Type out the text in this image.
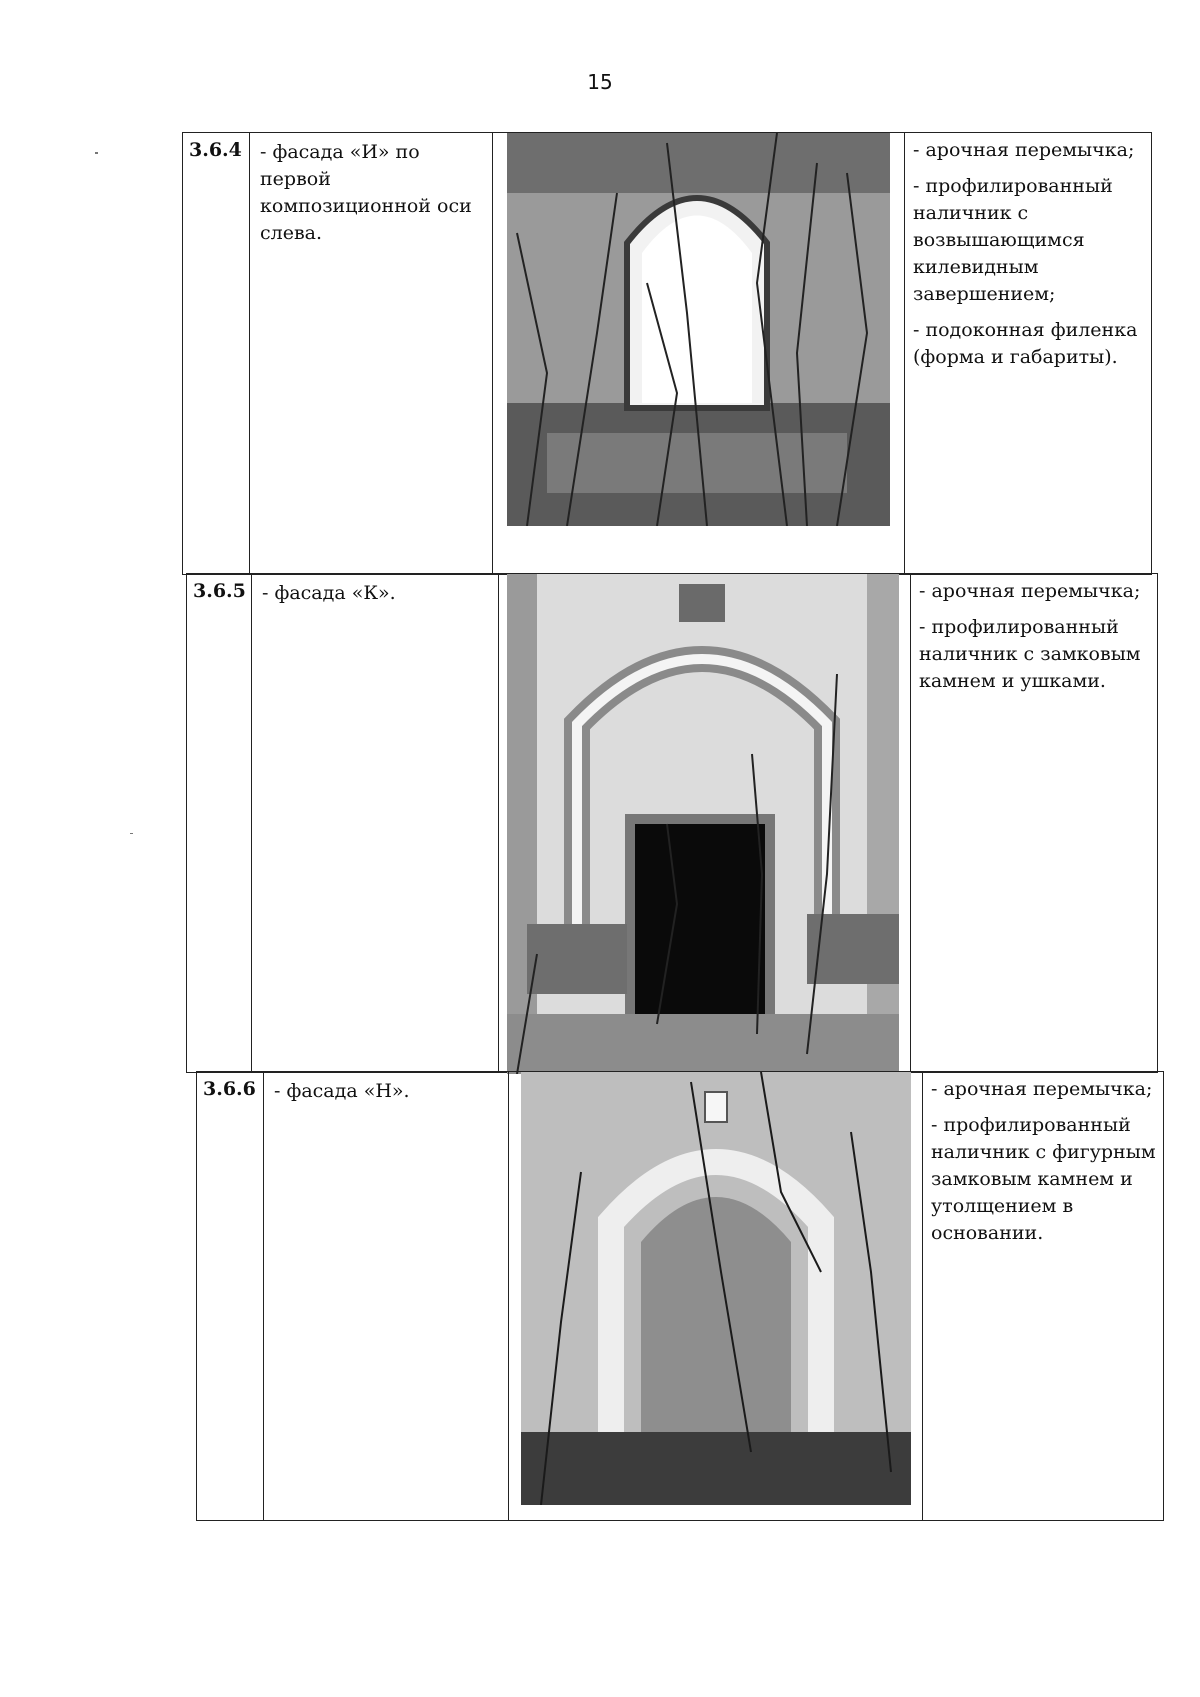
15
3.6.4 - фасада «И» по первой композиционной оси слева.
- арочная перемычка;
- профилированный наличник с возвышающимся килевидным завершением;
- подоконная филенка (форма и габариты).
3.6.5 - фасада «К».	- арочная перемычка;
- профилированный наличник с замковым камнем и ушками.
3.6.6 - фасада «Н».	- арочная перемычка;
- профилированный наличник с фигурным замковым камнем и утолщением в основании.
